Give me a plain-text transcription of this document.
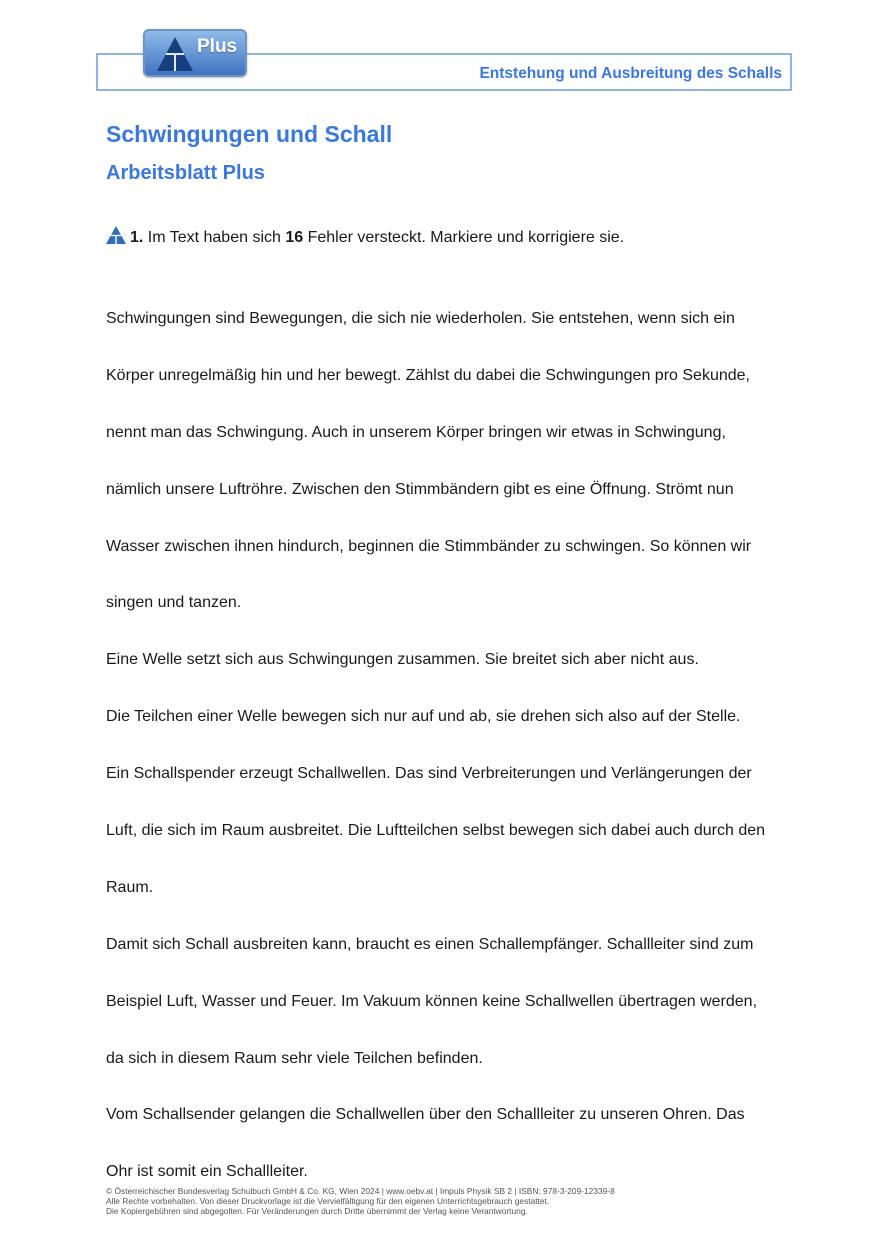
Entstehung und Ausbreitung des Schalls
Plus
Schwingungen und Schall
Arbeitsblatt Plus
1. Im Text haben sich 16 Fehler versteckt. Markiere und korrigiere sie.
Schwingungen sind Bewegungen, die sich nie wiederholen. Sie entstehen, wenn sich ein
Körper unregelmäßig hin und her bewegt. Zählst du dabei die Schwingungen pro Sekunde,
nennt man das Schwingung. Auch in unserem Körper bringen wir etwas in Schwingung,
nämlich unsere Luftröhre. Zwischen den Stimmbändern gibt es eine Öffnung. Strömt nun
Wasser zwischen ihnen hindurch, beginnen die Stimmbänder zu schwingen. So können wir
singen und tanzen.
Eine Welle setzt sich aus Schwingungen zusammen. Sie breitet sich aber nicht aus.
Die Teilchen einer Welle bewegen sich nur auf und ab, sie drehen sich also auf der Stelle.
Ein Schallspender erzeugt Schallwellen. Das sind Verbreiterungen und Verlängerungen der
Luft, die sich im Raum ausbreitet. Die Luftteilchen selbst bewegen sich dabei auch durch den
Raum.
Damit sich Schall ausbreiten kann, braucht es einen Schallempfänger. Schallleiter sind zum
Beispiel Luft, Wasser und Feuer. Im Vakuum können keine Schallwellen übertragen werden,
da sich in diesem Raum sehr viele Teilchen befinden.
Vom Schallsender gelangen die Schallwellen über den Schallleiter zu unseren Ohren. Das
Ohr ist somit ein Schallleiter.
© Österreichischer Bundesverlag Schulbuch GmbH & Co. KG, Wien 2024 | www.oebv.at | Impuls Physik SB 2 | ISBN: 978-3-209-12339-8
Alle Rechte vorbehalten. Von dieser Druckvorlage ist die Vervielfältigung für den eigenen Unterrichtsgebrauch gestattet.
Die Kopiergebühren sind abgegolten. Für Veränderungen durch Dritte übernimmt der Verlag keine Verantwortung.
